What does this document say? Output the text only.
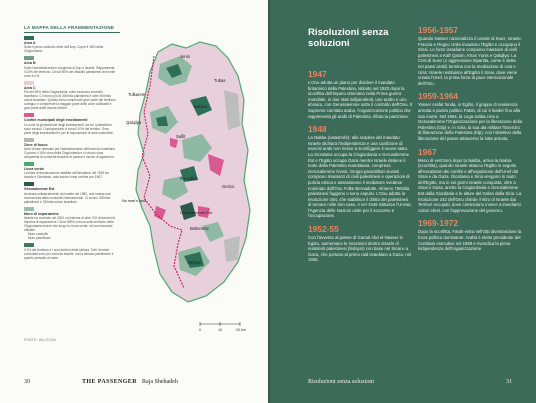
LA MAPPA DELLA FRAMMENTAZIONE
Area A
Sotto il pieno controllo civile dell'Anp. Copre il 18% della Cisgiordania.
Area B
Sotto l'amministrazione congiunta di Anp e Israele. Rappresenta il 22% del territorio. Circa l'80% dei cittadini palestinesi vive nelle zone A e B.
Area C
Più del 60% della Cisgiordania, sotto esclusivo controllo israeliano. Ci vivono più di 300mila palestinesi e oltre 400mila coloni israeliani. Questa zona comprende gran parte del territorio contiguo e comprende la maggior parte delle zone coltivabili e gran parte delle risorse idriche.
Confini municipali degli insediamenti
Le zone di giurisdizione degli insediamenti, da cui i palestinesi sono esclusi. Corrispondono a circa il 10% dei territori. Gran parte degli insediamenti è per le imposizione di aree costruttive.
Zone di fuoco
Aree chiuse riservate per l'addestramento dell'esercito israeliano. Coprono il 18% circa della Cisgiordania e vi vivono circa cinquemila di comunità beduine di pastori e rischio di sgombero.
Linea verde
La linea di demarcazione stabilita nell'armistizio del 1949 tra Israele e Giordania, nota anche come confine pre-1967.
Gerusalemme Est
Annessa unilateralmente da Israele nel 1980, una mossa mai riconosciuta dalla comunità internazionale. Ci vivono 300mila palestinesi e 230mila coloni israeliani.
Muro di separazione
Israele ha costruito nel 2002 un insieme di oltre 700 chilometri di barriera di separazione. Circa l'85% si trova sotto territorio della Cisgiordania invece che lungo la Linea verde, nel suo tracciato ufficiale.
Muro costruito
Muro pianificato
Il 3% del territorio e i suoi territori della striscia. Tutti i territori controllati sono più vicini da Israele, ma la striscia palestinese è quanto pertanto al mare.
FONTE: UN-OCHA
Jenin
Tubas
Tulkarem
Nablus
Qalqilya
Salfit
Ramallah
Gerico
Gerusalemme Est
Betlemme
Hebron
No man's land
0	10	20 km
30	THE PASSENGER Raja Shehadeh
Risoluzioni senza soluzioni
1947
L'Onu adotta un piano per dividere il mandato britannico della Palestina, istituito nel 1920 dopo la sconfitta dell'impero ottomano nella Prima guerra mondiale, in due stati indipendenti, uno arabo e uno ebraico, con Gerusalemme sotto il controllo dell'Onu. Il Supremo comitato arabo, l'organizzazione politica che rappresenta gli arabi di Palestina, rifiuta la partizione.
1948
La Nakba (catastrofe): allo scadere del mandato Israele dichiara l'indipendenza e una coalizione di eserciti arabi non riesce a sconfiggere il nuovo stato. La Giordania occupa la Cisgiordania e Gerusalemme Est e l'Egitto occupa Gaza mentre Israele detiene il resto della Palestina mandataria, compresa Gerusalemme Ovest. Gruppi paramilitari sionisti compiono massacri di civili palestinesi e operazioni di pulizia etnica e assassinano il mediatore svedese nominato dall'Onu Folke Bernadotte. Almeno 750mila palestinesi fuggono o sono espulsi. L'Onu adotta la risoluzione 194, che stabilisce il diritto dei palestinesi di tornare nelle loro case, e nel 1949 istituisce l'Unrwa, l'Agenzia delle Nazioni unite per il soccorso e l'occupazione.
1952-55
Con l'avvento al potere di Gamal Abd el-Nasser in Egitto, aumentano le incursioni dentro Israele di resistenti palestinesi (fedayin) con base nel Sinai e a Gaza, che portano al primo raid israeliano a Gaza, nel 1955.
1956-1957
Quando Nasser nazionalizza il canale di Suez, Israele, Francia e Regno Unito invadono l'Egitto e occupano il Sinai. Le forze israeliane compiono massacri di civili palestinesi a Kafr Qasim, Khan Yunis e Qalqilya. La Crisi di Suez (o aggressione tripartita, come è detta nei paesi arabi) termina con la mediazione di Usa e Urss: Israele restituisce all'Egitto il Sinai, dove viene creata l'Unef, la prima forza di pace internazionale dell'Onu.
1959-1964
Yasser Arafat fonda, in Egitto, il gruppo di resistenza armata e partito politico Fatah, di cui è leader fino alla sua morte. Nel 1964, la Lega araba crea a Gerusalemme l'Organizzazione per la liberazione della Palestina (Olp) e, in Siria, la sua ala militare l'Esercito di liberazione della Palestina (Elp), con l'obiettivo della liberazione del paese attraverso la lotta armata.
1967
Meno di vent'anni dopo la Nakba, arriva la Naksa (sconfitta), quando Israele attacca l'Egitto in seguito all'escalation dei confini e all'espulsione dell'Unef dal Sinai e da Gaza. Giordania e Siria vengono in aiuto dell'Egitto, ma in sei giorni Israele conquista, oltre a Sinai e Gaza, anche la Cisgiordania e Gerusalemme Est dalla Giordania e le alture del Golan dalla Siria. La risoluzione 242 dell'Onu chiede il ritiro di Israele dai Territori occupati, dove cominciano invece a insediarsi coloni ebrei, con l'approvazione del governo.
1969-1972
Dopo la sconfitta, Fatah entra nell'Olp diventandone la forza politica dominante: Arafat è eletto presidente del Comitato esecutivo nel 1969 e rivendica la piena indipendenza dell'organizzazione
Risoluzioni senza soluzioni	31
